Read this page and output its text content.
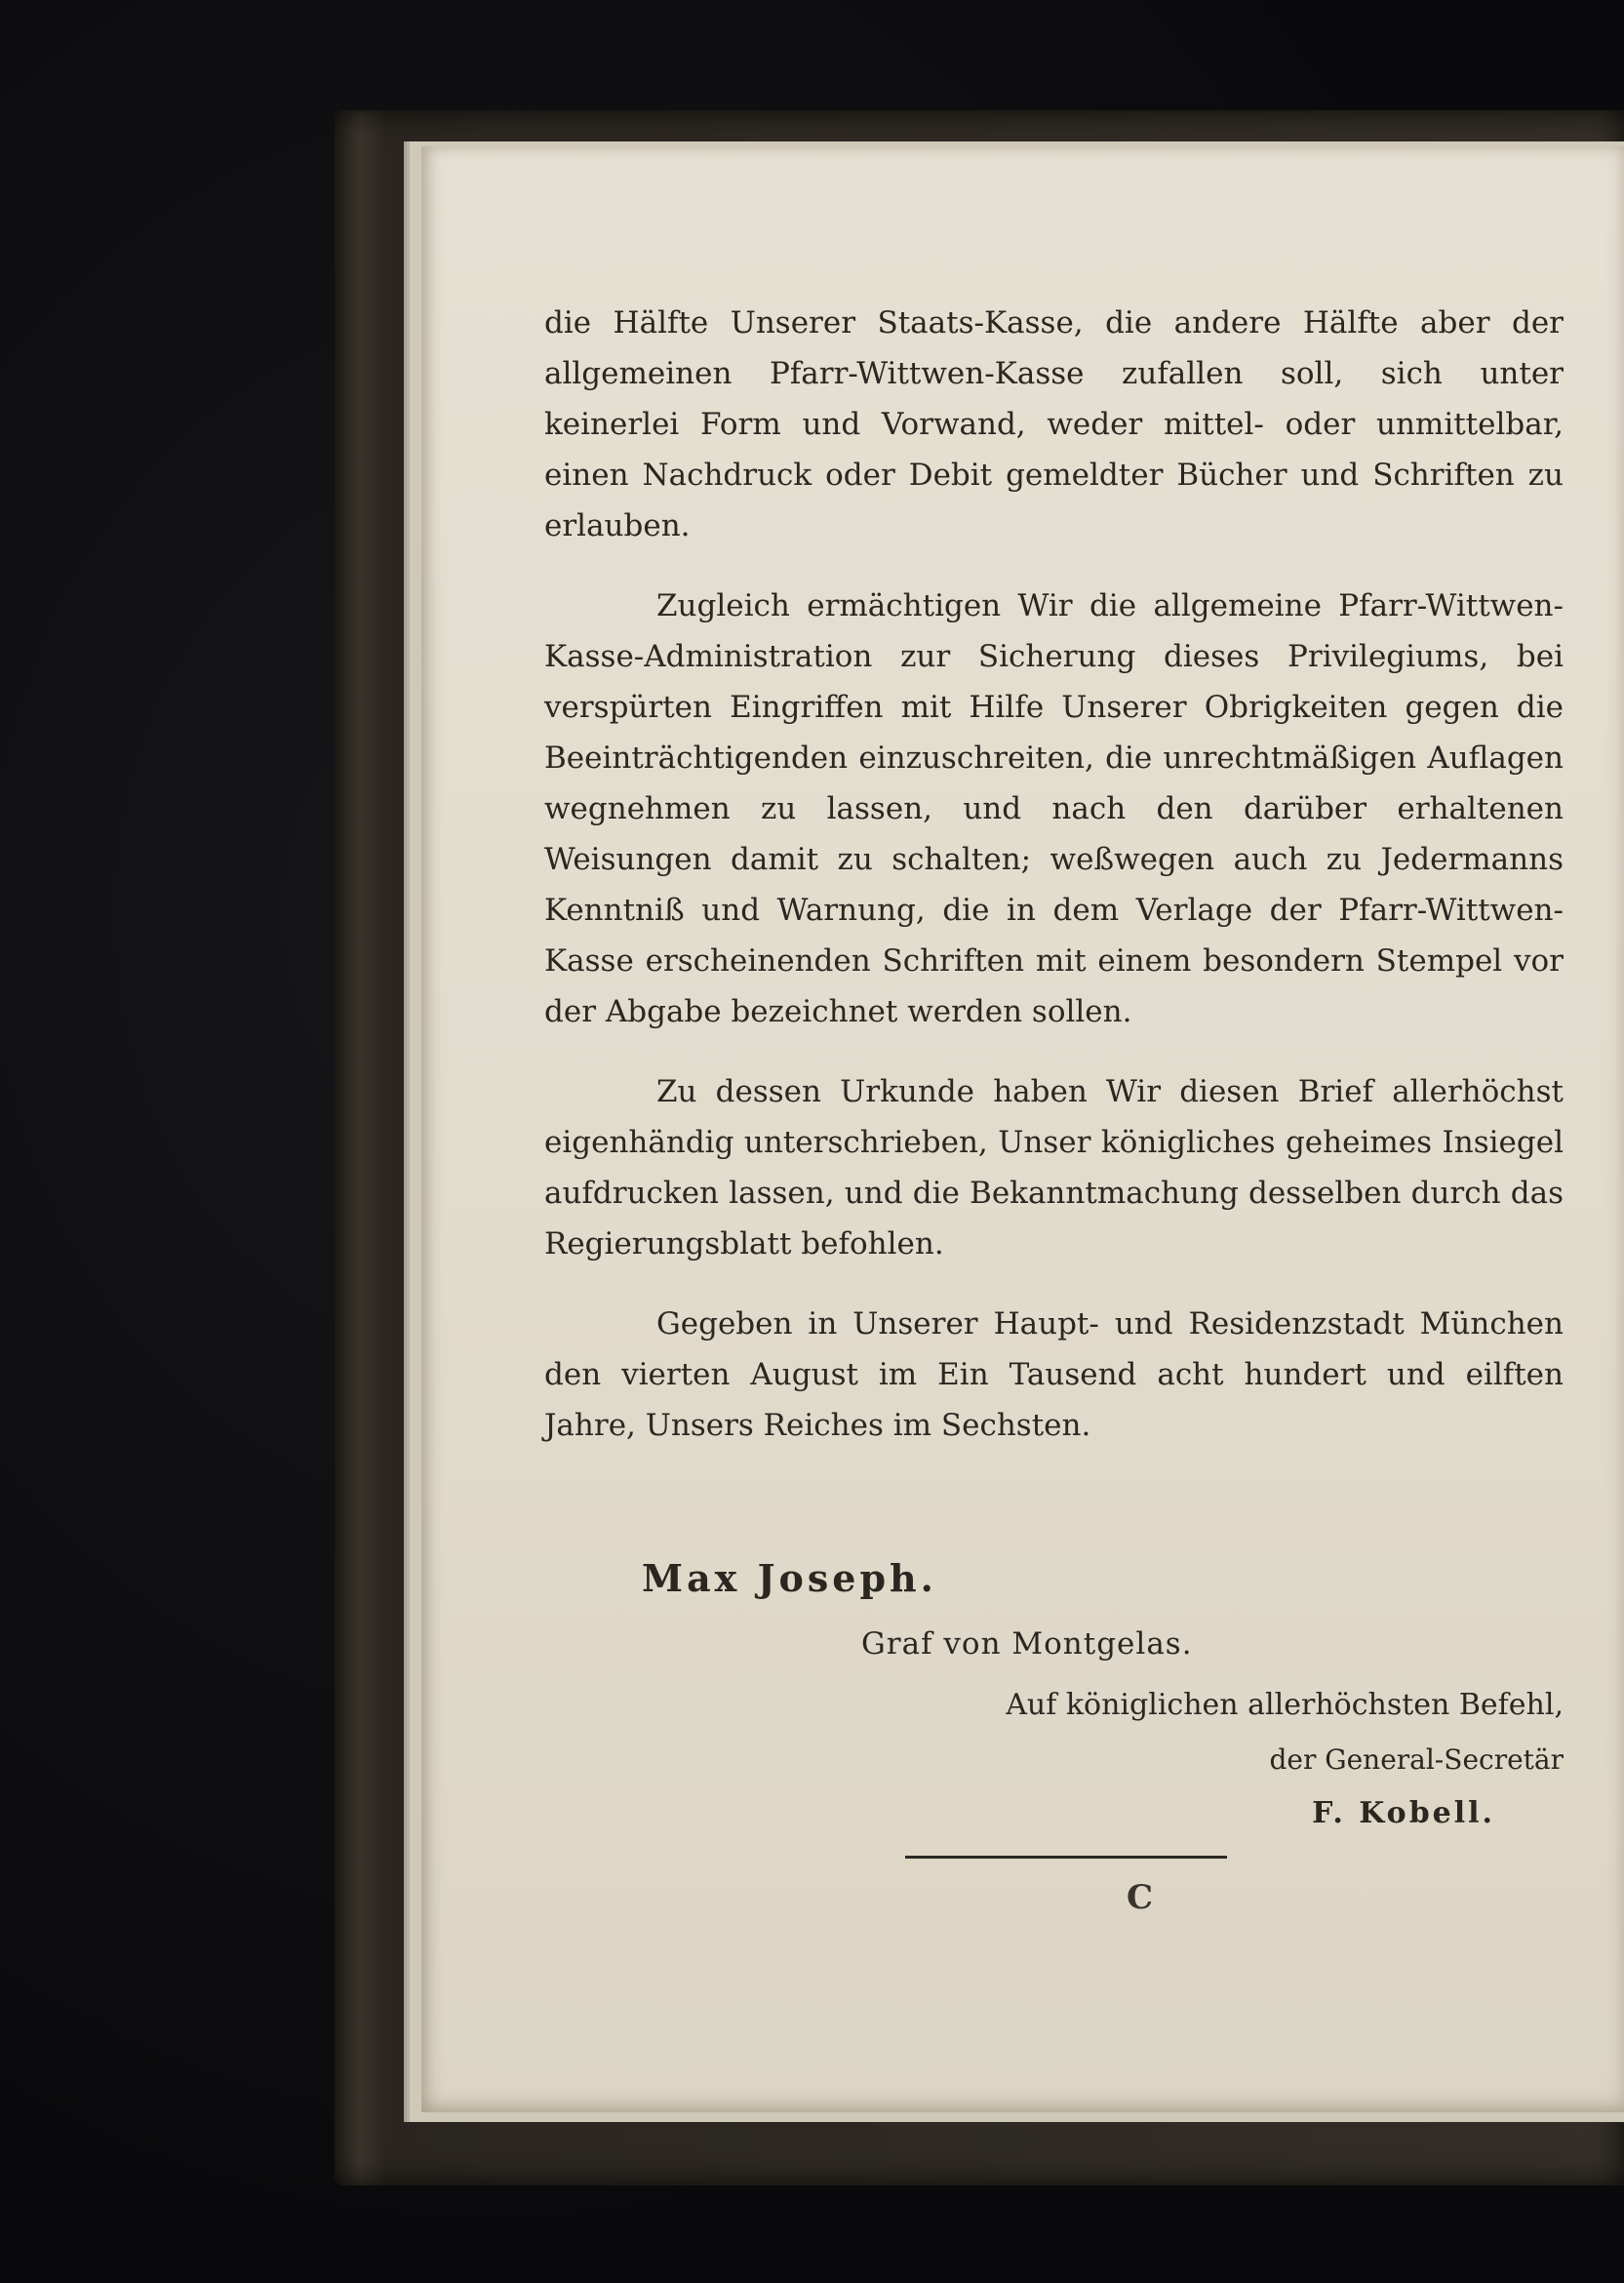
die Hälfte Unserer Staats-Kasse, die andere Hälfte aber der allgemeinen Pfarr-Wittwen-Kasse zufallen soll, sich unter keinerlei Form und Vorwand, weder mittel- oder unmittelbar, einen Nachdruck oder Debit gemeldter Bücher und Schriften zu erlauben.

Zugleich ermächtigen Wir die allgemeine Pfarr-Wittwen-Kasse-Administration zur Sicherung dieses Privilegiums, bei verspürten Eingriffen mit Hilfe Unserer Obrigkeiten gegen die Beeinträchtigenden einzuschreiten, die unrechtmäßigen Auflagen wegnehmen zu lassen, und nach den darüber erhaltenen Weisungen damit zu schalten; weßwegen auch zu Jedermanns Kenntniß und Warnung, die in dem Verlage der Pfarr-Wittwen-Kasse erscheinenden Schriften mit einem besondern Stempel vor der Abgabe bezeichnet werden sollen.

Zu dessen Urkunde haben Wir diesen Brief allerhöchst eigenhändig unterschrieben, Unser königliches geheimes Insiegel aufdrucken lassen, und die Bekanntmachung desselben durch das Regierungsblatt befohlen.

Gegeben in Unserer Haupt- und Residenzstadt München den vierten August im Ein Tausend acht hundert und eilften Jahre, Unsers Reiches im Sechsten.

Max Joseph.
Graf von Montgelas.
Auf königlichen allerhöchsten Befehl,
der General-Secretär
F. Kobell.
C
